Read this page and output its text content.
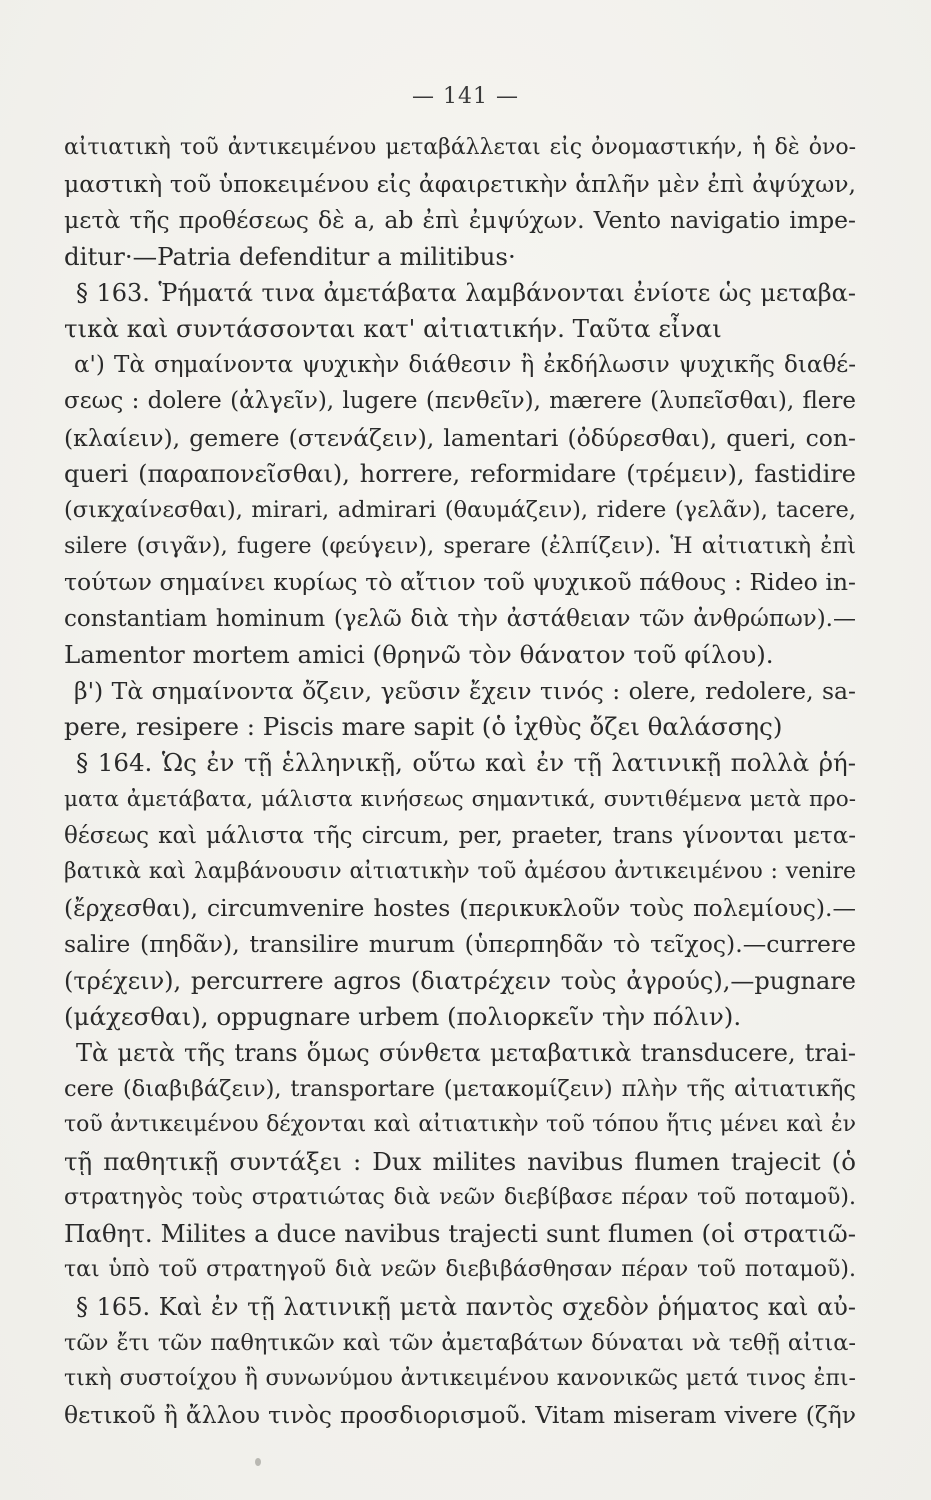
— 141 —
αἰτιατικὴ τοῦ ἀντικειμένου μεταβάλλεται εἰς ὀνομαστικήν, ἡ δὲ ὀνο-
μαστικὴ τοῦ ὑποκειμένου εἰς ἀφαιρετικὴν ἁπλῆν μὲν ἐπὶ ἀψύχων,
μετὰ τῆς προθέσεως δὲ a, ab ἐπὶ ἐμψύχων. Vento navigatio impe-
ditur·—Patria defenditur a militibus·
§ 163. Ῥήματά τινα ἀμετάβατα λαμβάνονται ἐνίοτε ὡς μεταβα-
τικὰ καὶ συντάσσονται κατ' αἰτιατικήν. Ταῦτα εἶναι
α') Τὰ σημαίνοντα ψυχικὴν διάθεσιν ἢ ἐκδήλωσιν ψυχικῆς διαθέ-
σεως : dolere (ἀλγεῖν), lugere (πενθεῖν), mærere (λυπεῖσθαι), flere
(κλαίειν), gemere (στενάζειν), lamentari (ὀδύρεσθαι), queri, con-
queri (παραπονεῖσθαι), horrere, reformidare (τρέμειν), fastidire
(σικχαίνεσθαι), mirari, admirari (θαυμάζειν), ridere (γελᾶν), tacere,
silere (σιγᾶν), fugere (φεύγειν), sperare (ἐλπίζειν). Ἡ αἰτιατικὴ ἐπὶ
τούτων σημαίνει κυρίως τὸ αἴτιον τοῦ ψυχικοῦ πάθους : Rideo in-
constantiam hominum (γελῶ διὰ τὴν ἀστάθειαν τῶν ἀνθρώπων).—
Lamentor mortem amici (θρηνῶ τὸν θάνατον τοῦ φίλου).
β') Τὰ σημαίνοντα ὄζειν, γεῦσιν ἔχειν τινός : olere, redolere, sa-
pere, resipere : Piscis mare sapit (ὁ ἰχθὺς ὄζει θαλάσσης)
§ 164. Ὡς ἐν τῇ ἑλληνικῇ, οὕτω καὶ ἐν τῇ λατινικῇ πολλὰ ῥή-
ματα ἀμετάβατα, μάλιστα κινήσεως σημαντικά, συντιθέμενα μετὰ προ-
θέσεως καὶ μάλιστα τῆς circum, per, praeter, trans γίνονται μετα-
βατικὰ καὶ λαμβάνουσιν αἰτιατικὴν τοῦ ἀμέσου ἀντικειμένου : venire
(ἔρχεσθαι), circumvenire hostes (περικυκλοῦν τοὺς πολεμίους).—
salire (πηδᾶν), transilire murum (ὑπερπηδᾶν τὸ τεῖχος).—currere
(τρέχειν), percurrere agros (διατρέχειν τοὺς ἀγρούς),—pugnare
(μάχεσθαι), oppugnare urbem (πολιορκεῖν τὴν πόλιν).
Τὰ μετὰ τῆς trans ὅμως σύνθετα μεταβατικὰ transducere, trai-
cere (διαβιβάζειν), transportare (μετακομίζειν) πλὴν τῆς αἰτιατικῆς
τοῦ ἀντικειμένου δέχονται καὶ αἰτιατικὴν τοῦ τόπου ἥτις μένει καὶ ἐν
τῇ παθητικῇ συντάξει : Dux milites navibus flumen trajecit (ὁ
στρατηγὸς τοὺς στρατιώτας διὰ νεῶν διεβίβασε πέραν τοῦ ποταμοῦ).
Παθητ. Milites a duce navibus trajecti sunt flumen (οἱ στρατιῶ-
ται ὑπὸ τοῦ στρατηγοῦ διὰ νεῶν διεβιβάσθησαν πέραν τοῦ ποταμοῦ).
§ 165. Καὶ ἐν τῇ λατινικῇ μετὰ παντὸς σχεδὸν ῥήματος καὶ αὐ-
τῶν ἔτι τῶν παθητικῶν καὶ τῶν ἀμεταβάτων δύναται νὰ τεθῇ αἰτια-
τικὴ συστοίχου ἢ συνωνύμου ἀντικειμένου κανονικῶς μετά τινος ἐπι-
θετικοῦ ἢ ἄλλου τινὸς προσδιορισμοῦ. Vitam miseram vivere (ζῆν
